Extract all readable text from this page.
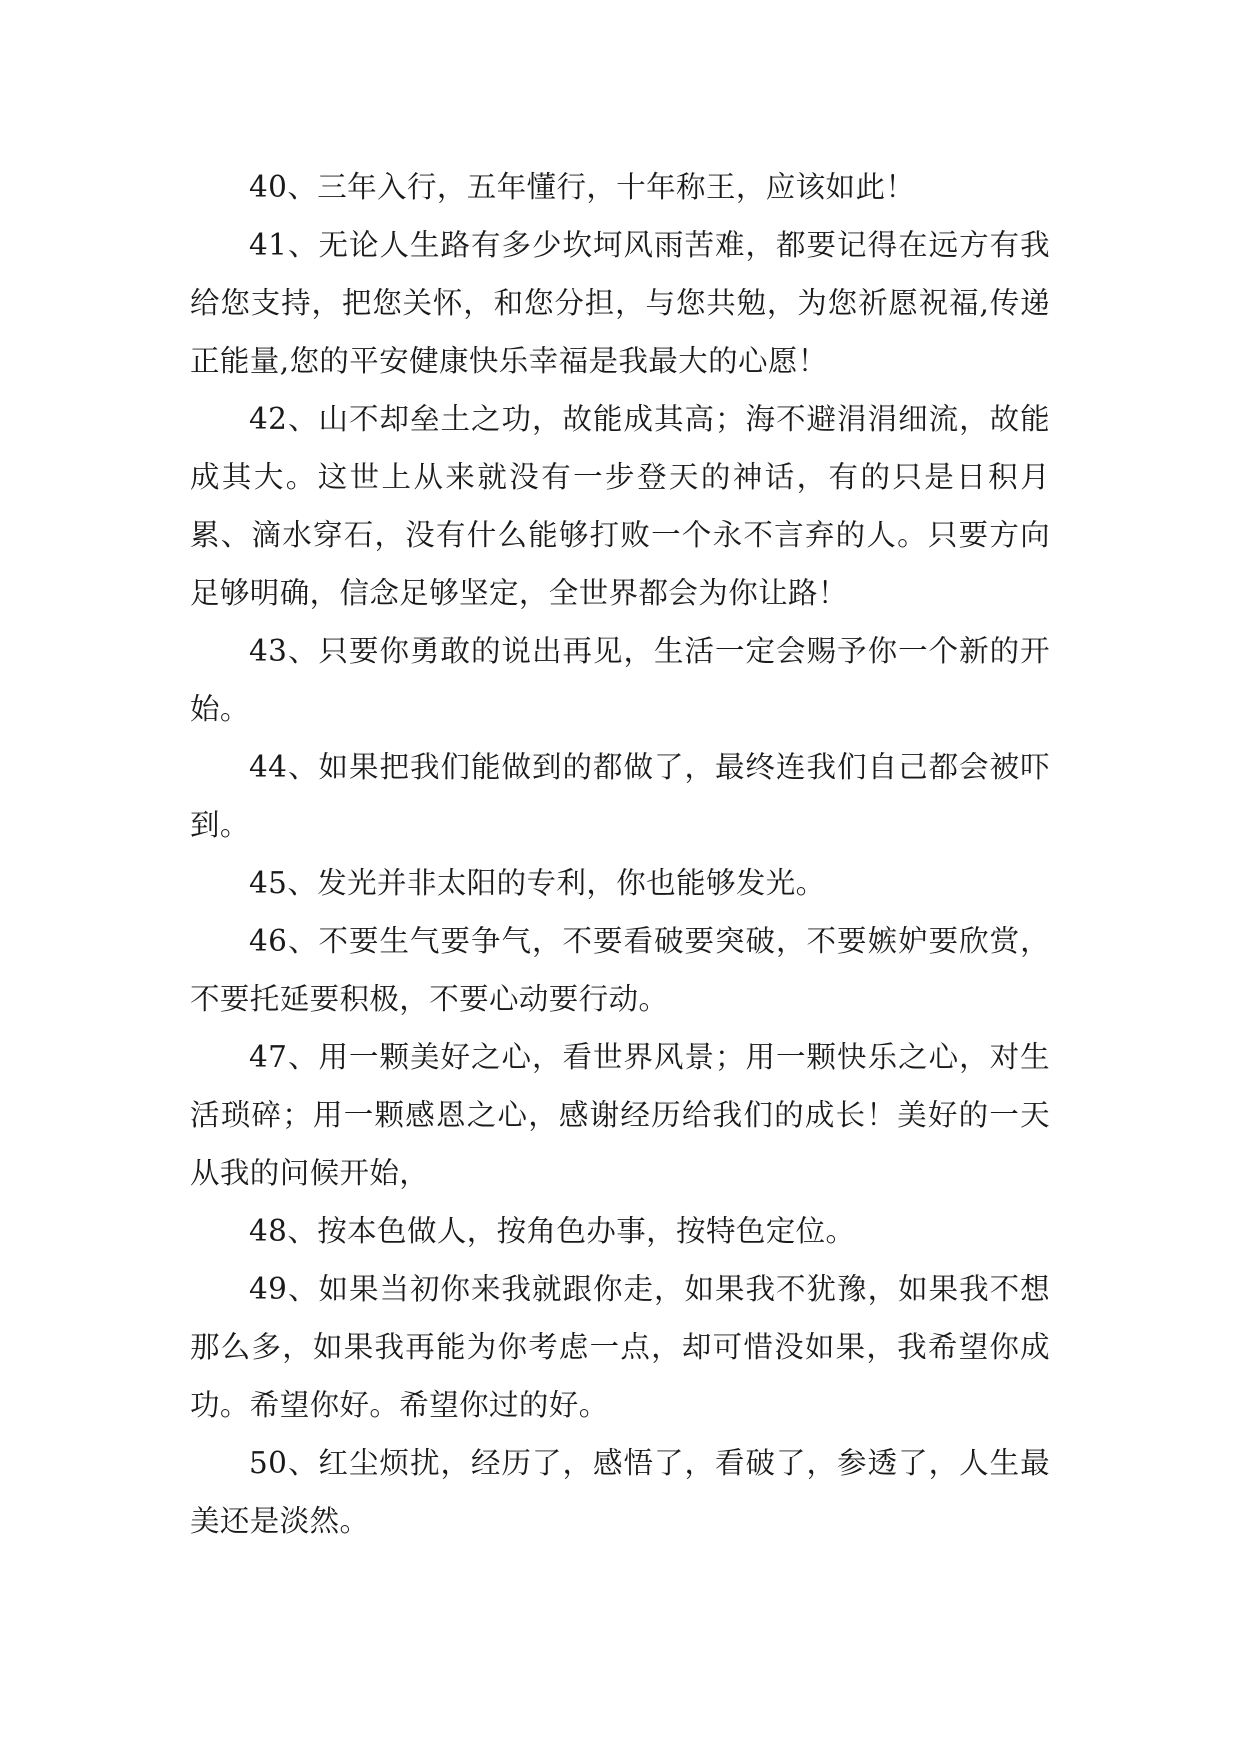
40、三年入行，五年懂行，十年称王，应该如此！

41、无论人生路有多少坎坷风雨苦难，都要记得在远方有我给您支持，把您关怀，和您分担，与您共勉，为您祈愿祝福,传递正能量,您的平安健康快乐幸福是我最大的心愿！

42、山不却垒土之功，故能成其高；海不避涓涓细流，故能成其大。这世上从来就没有一步登天的神话，有的只是日积月累、滴水穿石，没有什么能够打败一个永不言弃的人。只要方向足够明确，信念足够坚定，全世界都会为你让路！

43、只要你勇敢的说出再见，生活一定会赐予你一个新的开始。

44、如果把我们能做到的都做了，最终连我们自己都会被吓到。

45、发光并非太阳的专利，你也能够发光。

46、不要生气要争气，不要看破要突破，不要嫉妒要欣赏，不要托延要积极，不要心动要行动。

47、用一颗美好之心，看世界风景；用一颗快乐之心，对生活琐碎；用一颗感恩之心，感谢经历给我们的成长！美好的一天从我的问候开始，

48、按本色做人，按角色办事，按特色定位。

49、如果当初你来我就跟你走，如果我不犹豫，如果我不想那么多，如果我再能为你考虑一点，却可惜没如果，我希望你成功。希望你好。希望你过的好。

50、红尘烦扰，经历了，感悟了，看破了，参透了，人生最美还是淡然。
